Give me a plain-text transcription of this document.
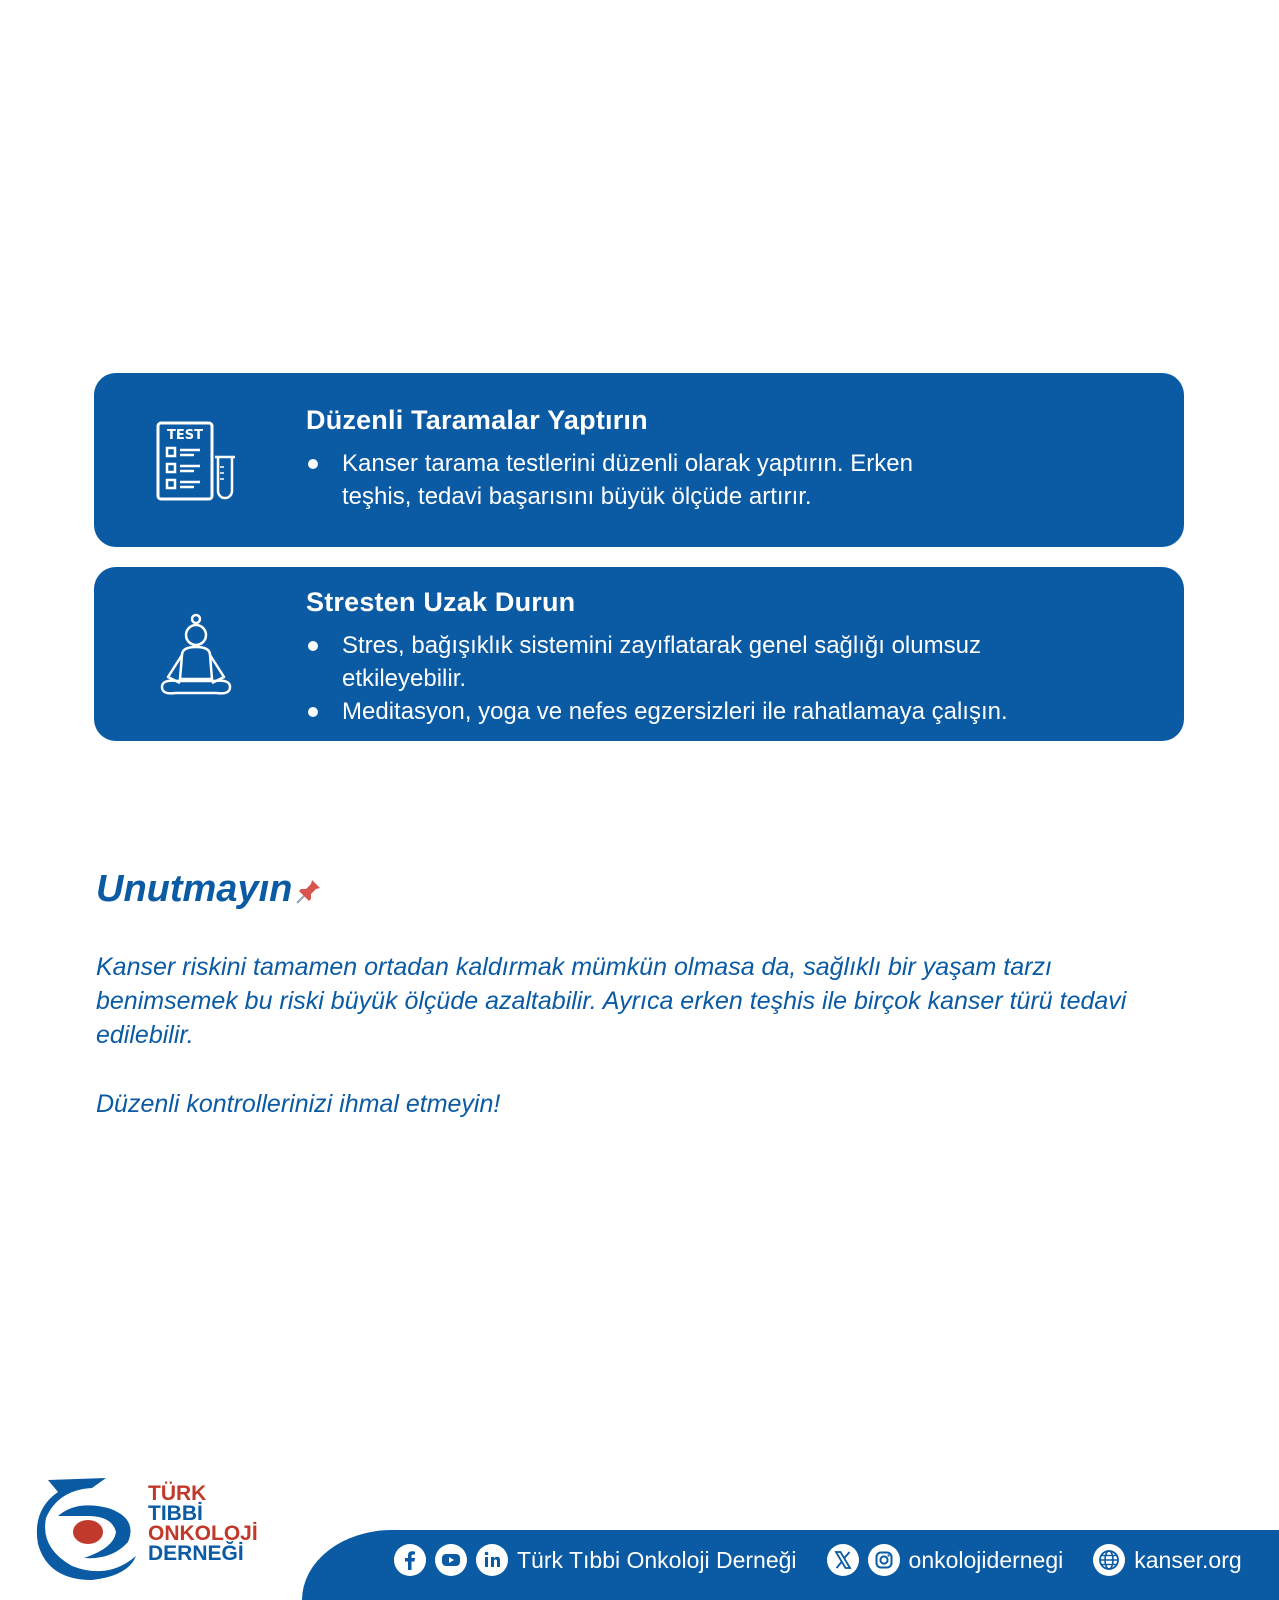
TEST
Düzenli Taramalar Yaptırın
Kanser tarama testlerini düzenli olarak yaptırın. Erken teşhis, tedavi başarısını büyük ölçüde artırır.
Stresten Uzak Durun
Stres, bağışıklık sistemini zayıflatarak genel sağlığı olumsuz etkileyebilir.
Meditasyon, yoga ve nefes egzersizleri ile rahatlamaya çalışın.
Unutmayın

Kanser riskini tamamen ortadan kaldırmak mümkün olmasa da, sağlıklı bir yaşam tarzı benimsemek bu riski büyük ölçüde azaltabilir. Ayrıca erken teşhis ile birçok kanser türü tedavi edilebilir.

Düzenli kontrollerinizi ihmal etmeyin!

TÜRK
TIBBİ
ONKOLOJİ
DERNEĞİ	Türk Tıbbi Onkoloji Derneği	onkolojidernegi	kanser.org
